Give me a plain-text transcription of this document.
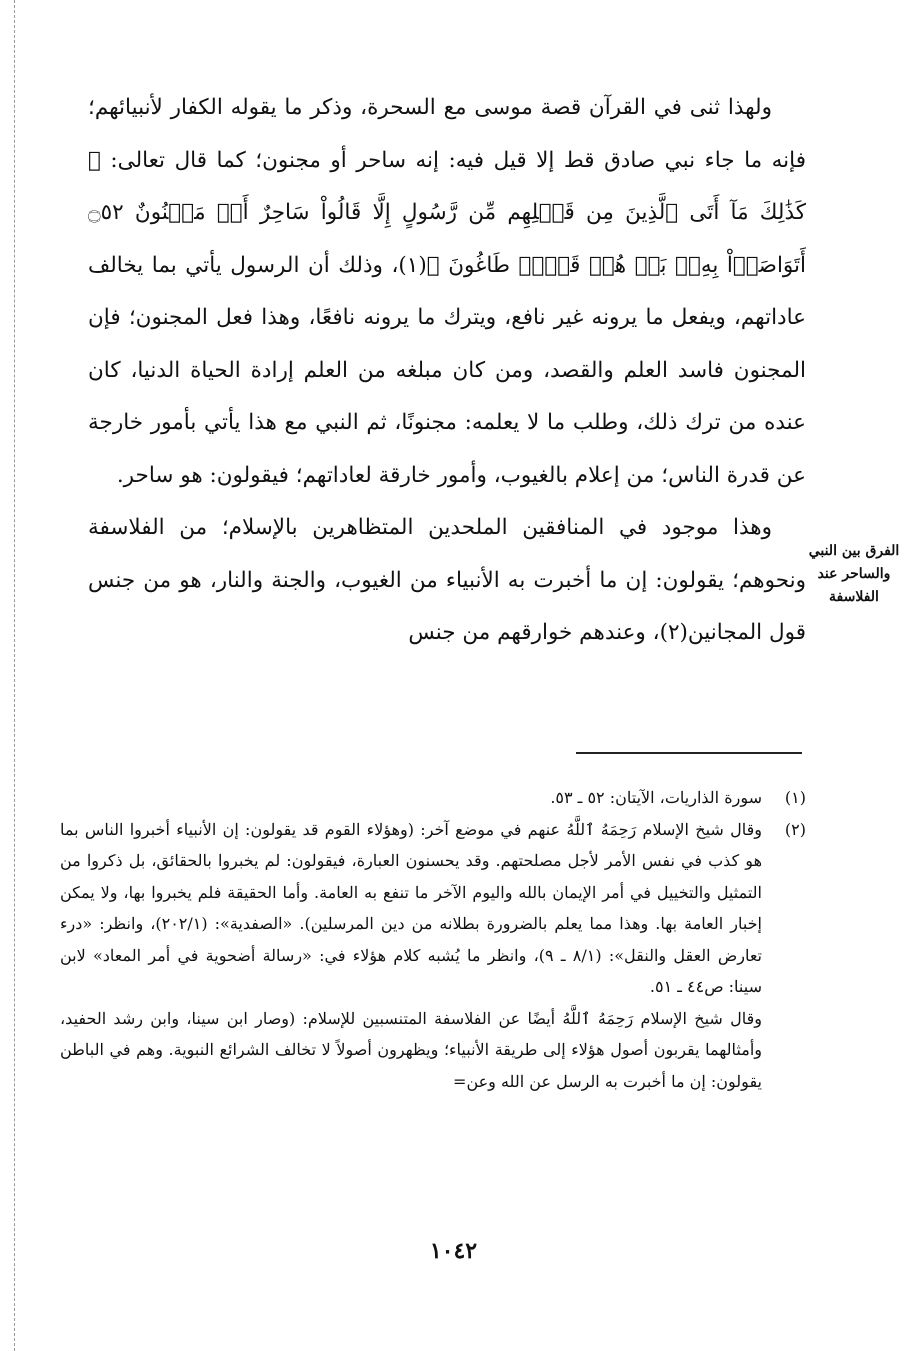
ولهذا ثنى في القرآن قصة موسى مع السحرة، وذكر ما يقوله الكفار لأنبيائهم؛ فإنه ما جاء نبي صادق قط إلا قيل فيه: إنه ساحر أو مجنون؛ كما قال تعالى: ﴿ كَذَٰلِكَ مَآ أَتَى ٱلَّذِينَ مِن قَبۡلِهِم مِّن رَّسُولٍ إِلَّا قَالُواْ سَاحِرٌ أَوۡ مَجۡنُونٌ ۝٥٢ أَتَوَاصَوۡاْ بِهِۦۚ بَلۡ هُمۡ قَوۡمٞ طَاغُونَ ﴾(١)، وذلك أن الرسول يأتي بما يخالف عاداتهم، ويفعل ما يرونه غير نافع، ويترك ما يرونه نافعًا، وهذا فعل المجنون؛ فإن المجنون فاسد العلم والقصد، ومن كان مبلغه من العلم إرادة الحياة الدنيا، كان عنده من ترك ذلك، وطلب ما لا يعلمه: مجنونًا، ثم النبي مع هذا يأتي بأمور خارجة عن قدرة الناس؛ من إعلام بالغيوب، وأمور خارقة لعاداتهم؛ فيقولون: هو ساحر.

وهذا موجود في المنافقين الملحدين المتظاهرين بالإسلام؛ من الفلاسفة ونحوهم؛ يقولون: إن ما أخبرت به الأنبياء من الغيوب، والجنة والنار، هو من جنس قول المجانين(٢)، وعندهم خوارقهم من جنس

الفرق بين النبي
والساحر عند
الفلاسفة
(١)

سورة الذاريات، الآيتان: ٥٢ ـ ٥٣.

(٢)

وقال شيخ الإسلام رَحِمَهُ ٱللَّهُ عنهم في موضع آخر: (وهؤلاء القوم قد يقولون: إن الأنبياء أخبروا الناس بما هو كذب في نفس الأمر لأجل مصلحتهم. وقد يحسنون العبارة، فيقولون: لم يخبروا بالحقائق، بل ذكروا من التمثيل والتخييل في أمر الإيمان بالله واليوم الآخر ما تنفع به العامة. وأما الحقيقة فلم يخبروا بها، ولا يمكن إخبار العامة بها. وهذا مما يعلم بالضرورة بطلانه من دين المرسلين). «الصفدية»: (٢٠٢/١)، وانظر: «درء تعارض العقل والنقل»: (٨/١ ـ ٩)، وانظر ما يُشبه كلام هؤلاء في: «رسالة أضحوية في أمر المعاد» لابن سينا: ص٤٤ ـ ٥١.

وقال شيخ الإسلام رَحِمَهُ ٱللَّهُ أيضًا عن الفلاسفة المتنسبين للإسلام: (وصار ابن سينا، وابن رشد الحفيد، وأمثالهما يقربون أصول هؤلاء إلى طريقة الأنبياء؛ ويظهرون أصولاً لا تخالف الشرائع النبوية. وهم في الباطن يقولون: إن ما أخبرت به الرسل عن الله وعن=

١٠٤٢
